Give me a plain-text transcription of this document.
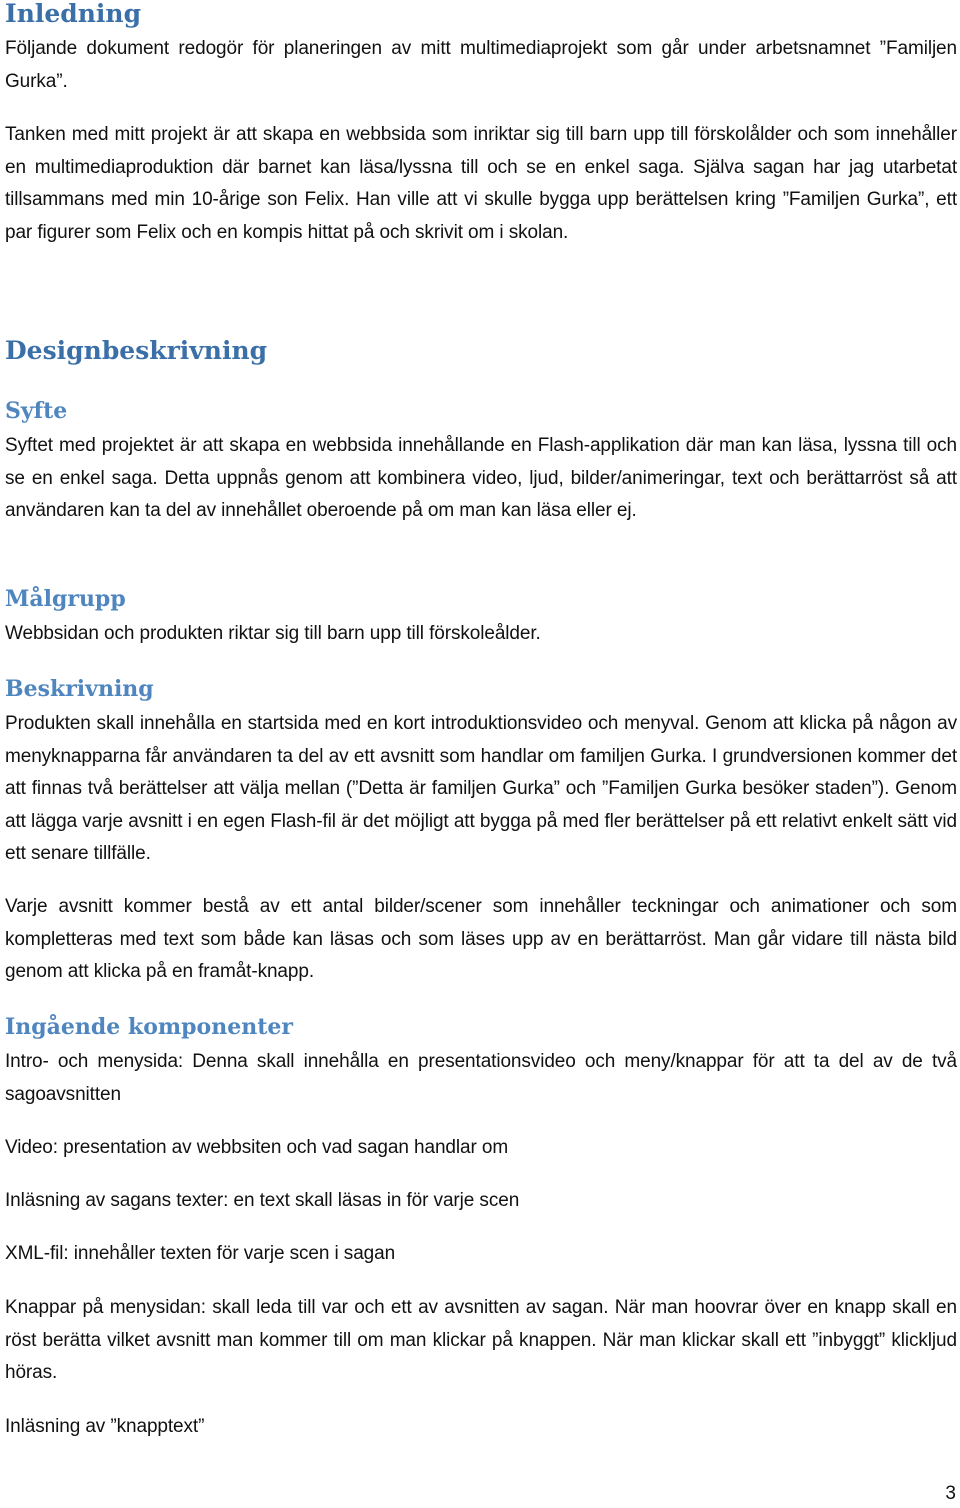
Inledning

Följande dokument redogör för planeringen av mitt multimediaprojekt som går under arbetsnamnet ”Familjen Gurka”.

Tanken med mitt projekt är att skapa en webbsida som inriktar sig till barn upp till förskolålder och som innehåller en multimediaproduktion där barnet kan läsa/lyssna till och se en enkel saga. Själva sagan har jag utarbetat tillsammans med min 10-årige son Felix. Han ville att vi skulle bygga upp berättelsen kring ”Familjen Gurka”, ett par figurer som Felix och en kompis hittat på och skrivit om i skolan.

Designbeskrivning
Syfte

Syftet med projektet är att skapa en webbsida innehållande en Flash-applikation där man kan läsa, lyssna till och se en enkel saga. Detta uppnås genom att kombinera video, ljud, bilder/animeringar, text och berättarröst så att användaren kan ta del av innehållet oberoende på om man kan läsa eller ej.

Målgrupp

Webbsidan och produkten riktar sig till barn upp till förskoleålder.

Beskrivning

Produkten skall innehålla en startsida med en kort introduktionsvideo och menyval. Genom att klicka på någon av menyknapparna får användaren ta del av ett avsnitt som handlar om familjen Gurka. I grundversionen kommer det att finnas två berättelser att välja mellan (”Detta är familjen Gurka” och ”Familjen Gurka besöker staden”). Genom att lägga varje avsnitt i en egen Flash-fil är det möjligt att bygga på med fler berättelser på ett relativt enkelt sätt vid ett senare tillfälle.

Varje avsnitt kommer bestå av ett antal bilder/scener som innehåller teckningar och animationer och som kompletteras med text som både kan läsas och som läses upp av en berättarröst. Man går vidare till nästa bild genom att klicka på en framåt-knapp.

Ingående komponenter

Intro- och menysida: Denna skall innehålla en presentationsvideo och meny/knappar för att ta del av de två sagoavsnitten

Video: presentation av webbsiten och vad sagan handlar om

Inläsning av sagans texter: en text skall läsas in för varje scen

XML-fil: innehåller texten för varje scen i sagan

Knappar på menysidan: skall leda till var och ett av avsnitten av sagan. När man hoovrar över en knapp skall en röst berätta vilket avsnitt man kommer till om man klickar på knappen. När man klickar skall ett ”inbyggt” klickljud höras.

Inläsning av ”knapptext”

3
